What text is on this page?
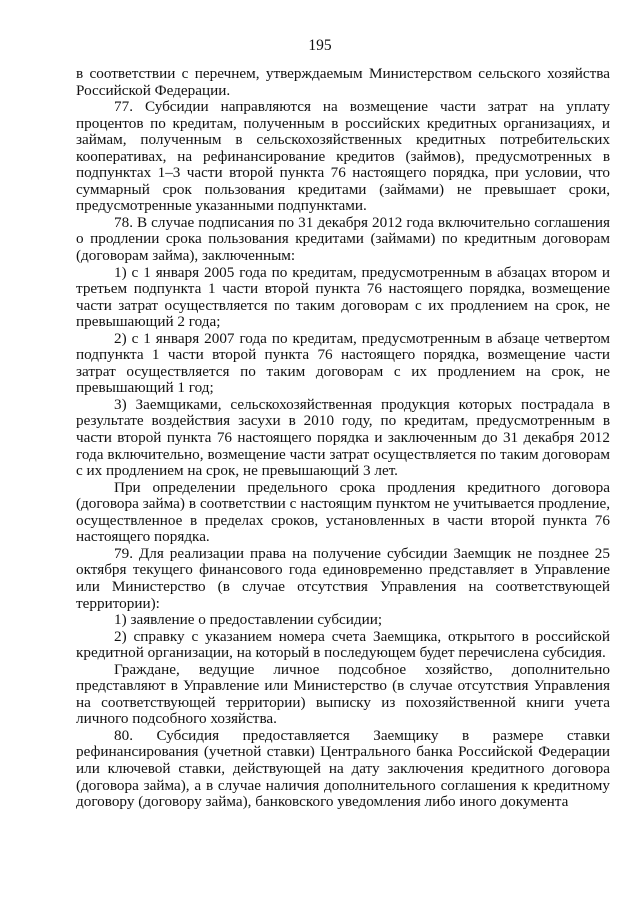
195

в соответствии с перечнем, утверждаемым Министерством сельского хозяйства Российской Федерации.

77. Субсидии направляются на возмещение части затрат на уплату процентов по кредитам, полученным в российских кредитных организациях, и займам, полученным в сельскохозяйственных кредитных потребительских кооперативах, на рефинансирование кредитов (займов), предусмотренных в подпунктах 1–3 части второй пункта 76 настоящего порядка, при условии, что суммарный срок пользования кредитами (займами) не превышает сроки, предусмотренные указанными подпунктами.

78. В случае подписания по 31 декабря 2012 года включительно соглашения о продлении срока пользования кредитами (займами) по кредитным договорам (договорам займа), заключенным:

1) с 1 января 2005 года по кредитам, предусмотренным в абзацах втором и третьем подпункта 1 части второй пункта 76 настоящего порядка, возмещение части затрат осуществляется по таким договорам с их продлением на срок, не превышающий 2 года;

2) с 1 января 2007 года по кредитам, предусмотренным в абзаце четвертом подпункта 1 части второй пункта 76 настоящего порядка, возмещение части затрат осуществляется по таким договорам с их продлением на срок, не превышающий 1 год;

3) Заемщиками, сельскохозяйственная продукция которых пострадала в результате воздействия засухи в 2010 году, по кредитам, предусмотренным в части второй пункта 76 настоящего порядка и заключенным до 31 декабря 2012 года включительно, возмещение части затрат осуществляется по таким договорам с их продлением на срок, не превышающий 3 лет.

При определении предельного срока продления кредитного договора (договора займа) в соответствии с настоящим пунктом не учитывается продление, осуществленное в пределах сроков, установленных в части второй пункта 76 настоящего порядка.

79. Для реализации права на получение субсидии Заемщик не позднее 25 октября текущего финансового года единовременно представляет в Управление или Министерство (в случае отсутствия Управления на соответствующей территории):

1) заявление о предоставлении субсидии;

2) справку с указанием номера счета Заемщика, открытого в российской кредитной организации, на который в последующем будет перечислена субсидия.

Граждане, ведущие личное подсобное хозяйство, дополнительно представляют в Управление или Министерство (в случае отсутствия Управления на соответствующей территории) выписку из похозяйственной книги учета личного подсобного хозяйства.

80. Субсидия предоставляется Заемщику в размере ставки рефинансирования (учетной ставки) Центрального банка Российской Федерации или ключевой ставки, действующей на дату заключения кредитного договора (договора займа), а в случае наличия дополнительного соглашения к кредитному договору (договору займа), банковского уведомления либо иного документа
